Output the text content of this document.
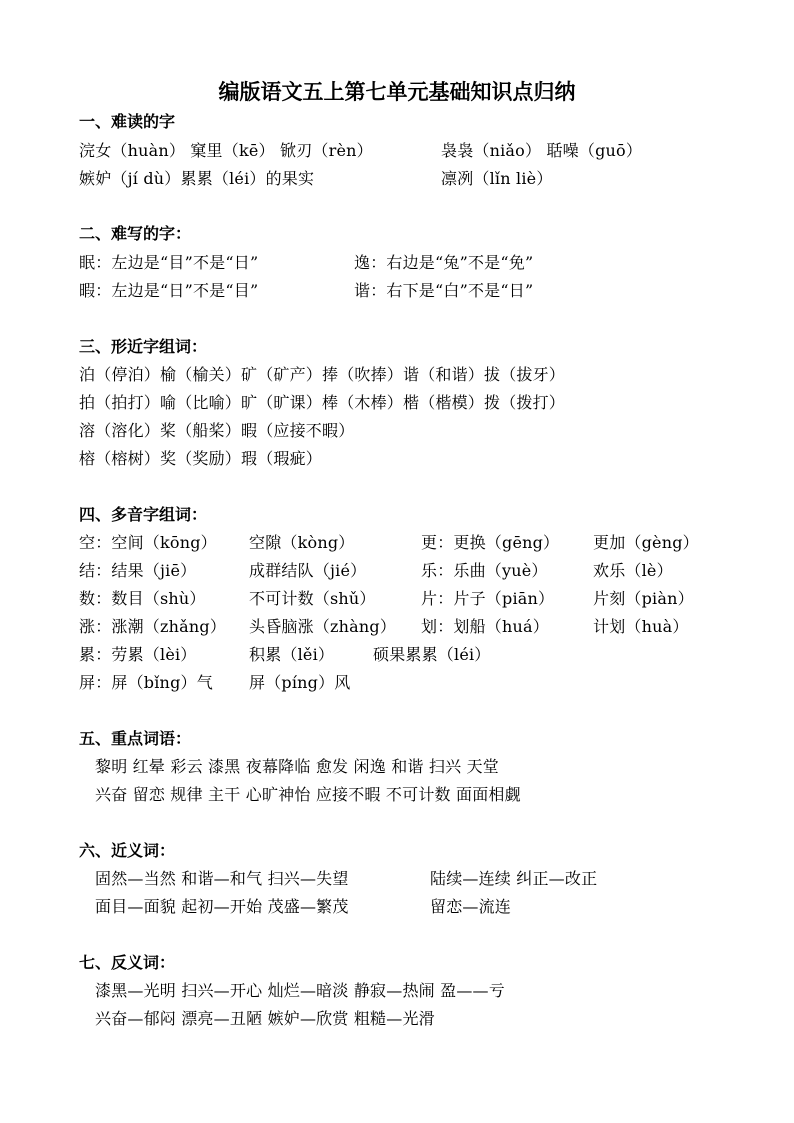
编版语文五上第七单元基础知识点归纳
一、难读的字
浣女（huàn） 窠里（kē） 锨刃（rèn）	袅袅（niǎo） 聒噪（guō）
嫉妒（jí dù）累累（léi）的果实	凛冽（lǐn liè）
二、难写的字：
眠：左边是“目”不是“日”	逸：右边是“兔”不是“免”
暇：左边是“日”不是“目”	谐：右下是“白”不是“日”
三、形近字组词：
泊（停泊）榆（榆关）矿（矿产）捧（吹捧）谐（和谐）拔（拔牙）
拍（拍打）喻（比喻）旷（旷课）棒（木棒）楷（楷模）拨（拨打）
溶（溶化）桨（船桨）暇（应接不暇）
榕（榕树）奖（奖励）瑕（瑕疵）
四、多音字组词：
空：空间（kōng） 空隙（kòng）	更：更换（gēng） 更加（gèng）
结：结果（jiē）	成群结队（jié）	乐：乐曲（yuè）	欢乐（lè）
数：数目（shù）	不可计数（shǔ）	片：片子（piān） 片刻（piàn）
涨：涨潮（zhǎng） 头昏脑涨（zhàng） 划：划船（huá）	计划（huà）
累：劳累（lèi）	积累（lěi） 硕果累累（léi）
屏：屏（bǐng）气 屏（píng）风
五、重点词语：
黎明 红晕 彩云 漆黑 夜幕降临 愈发 闲逸 和谐 扫兴 天堂
兴奋 留恋 规律 主干 心旷神怡 应接不暇 不可计数 面面相觑
六、近义词：
固然—当然 和谐—和气 扫兴—失望	陆续—连续 纠正—改正
面目—面貌 起初—开始 茂盛—繁茂	留恋—流连
七、反义词：
漆黑—光明 扫兴—开心 灿烂—暗淡 静寂—热闹 盈——亏
兴奋—郁闷 漂亮—丑陋 嫉妒—欣赏 粗糙—光滑
